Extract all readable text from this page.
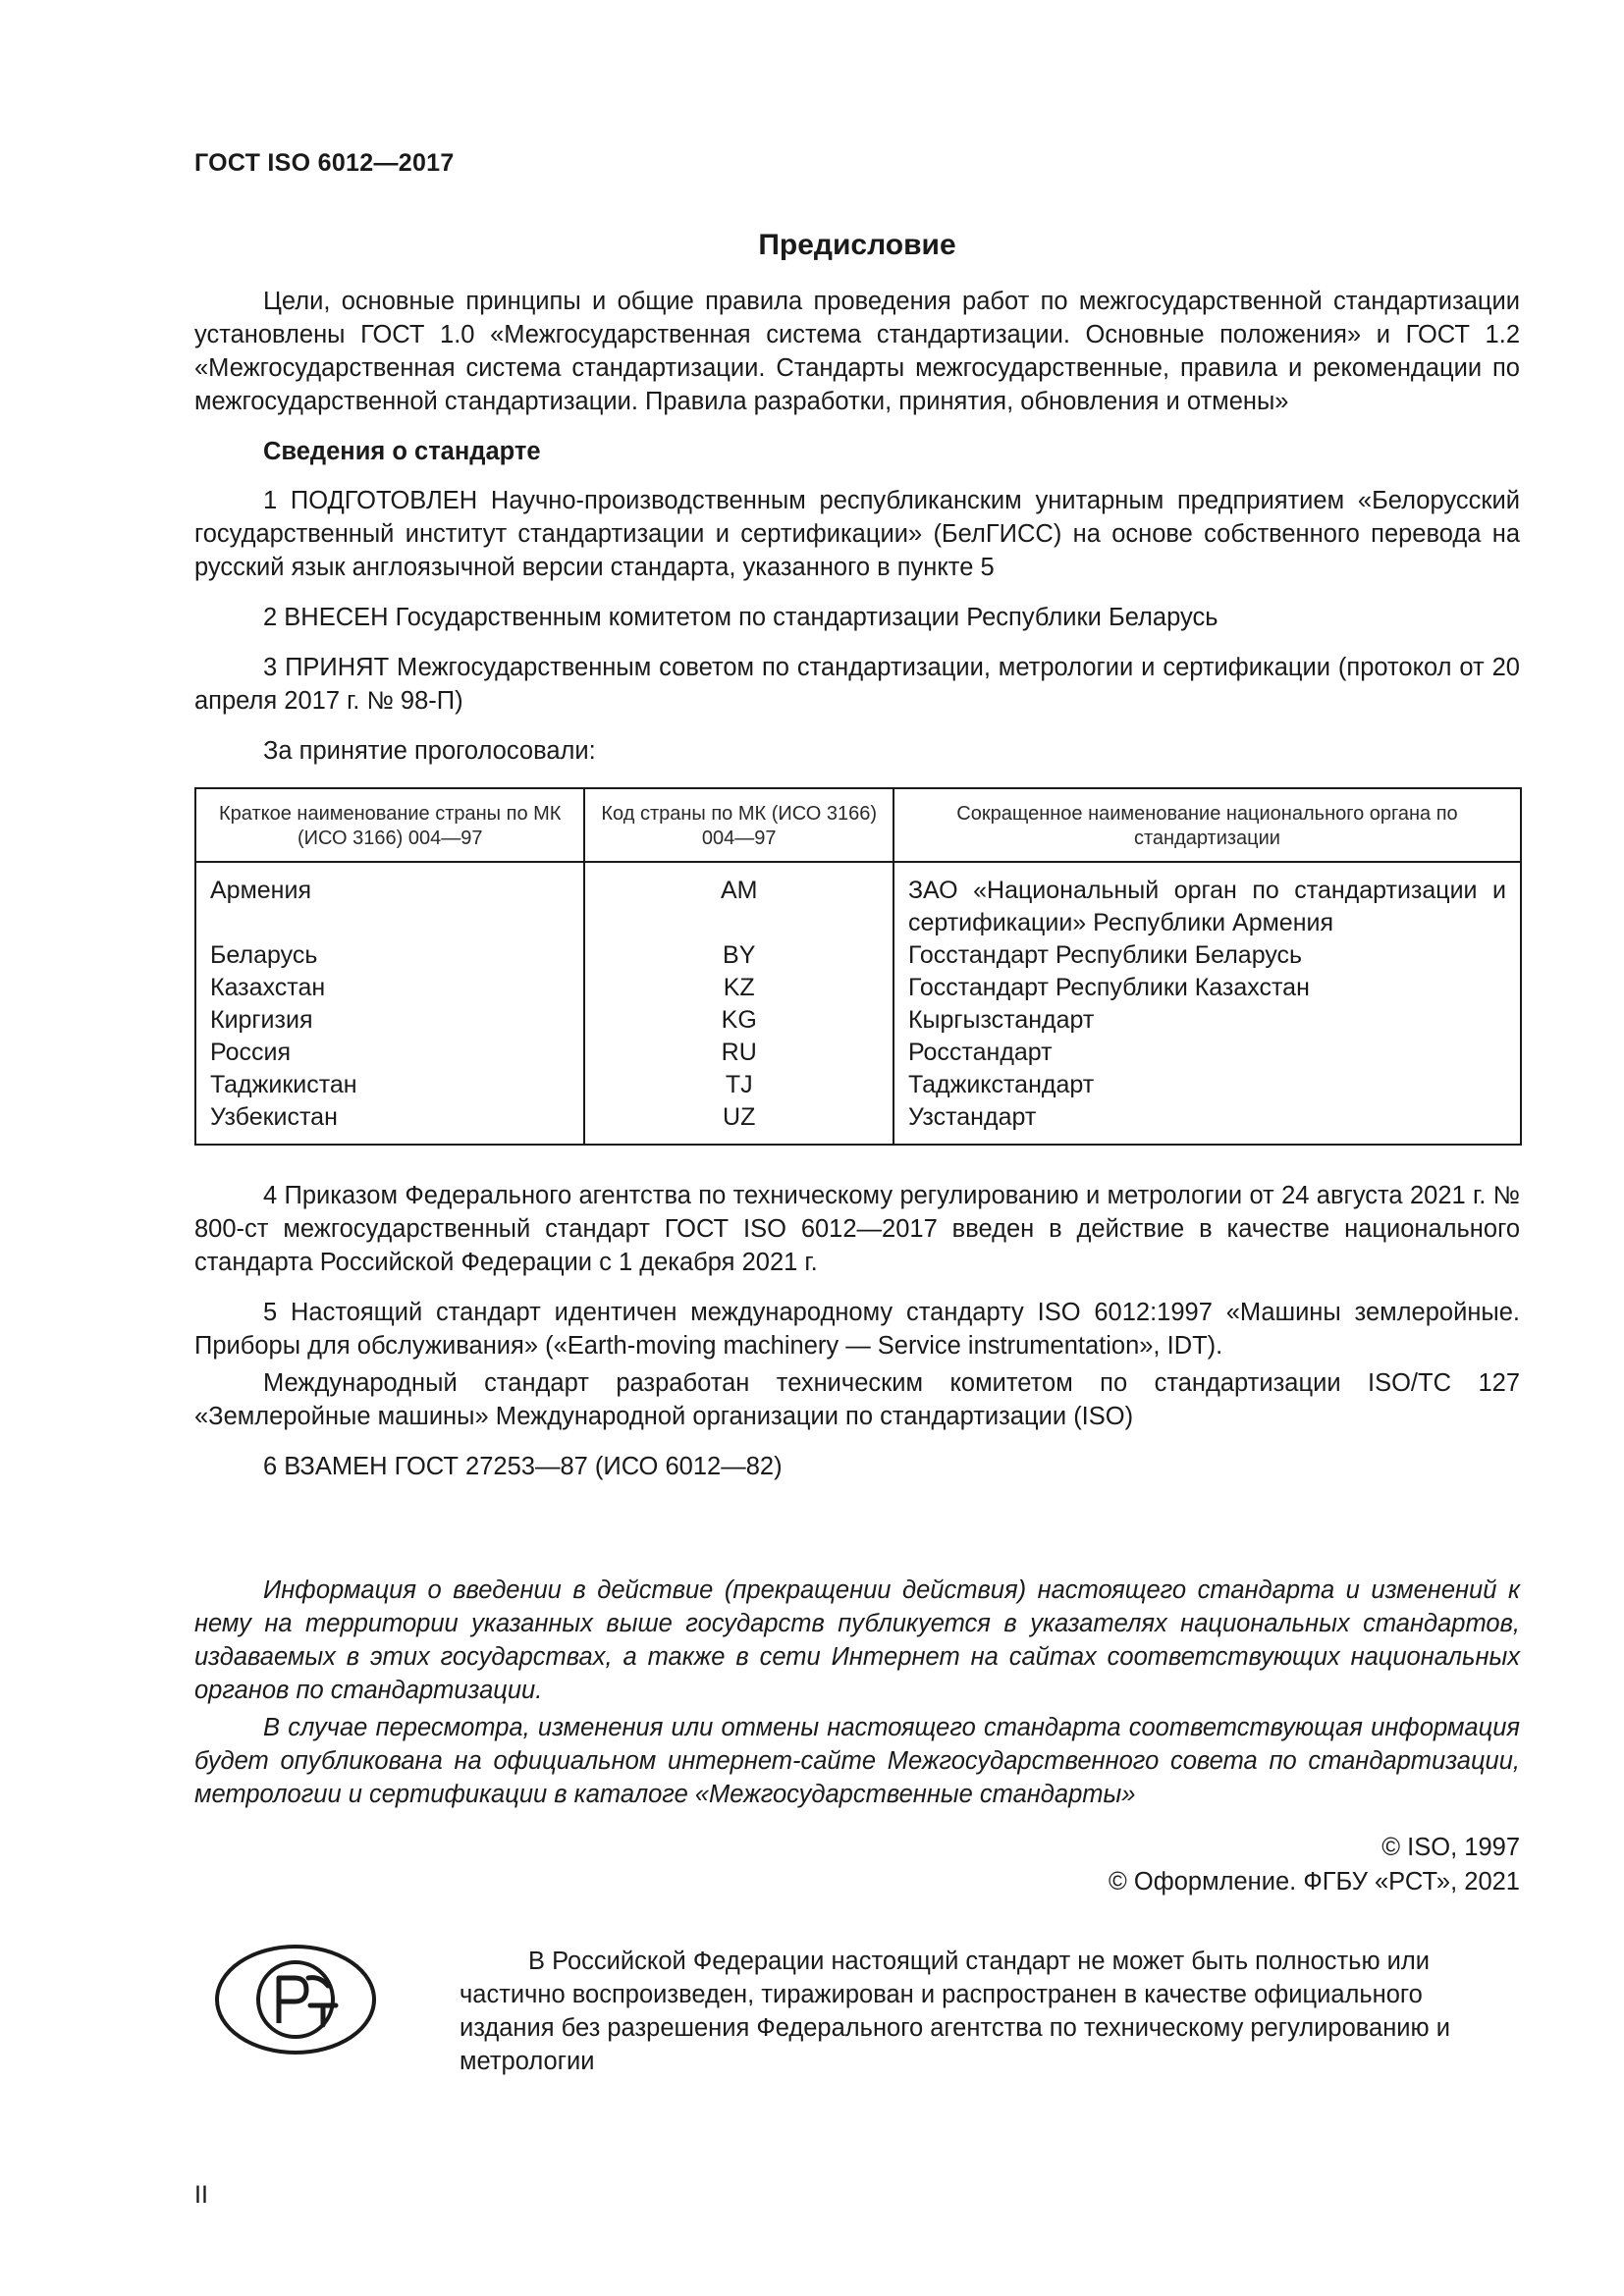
ГОСТ ISO 6012—2017
Предисловие

Цели, основные принципы и общие правила проведения работ по межгосударственной стандартизации установлены ГОСТ 1.0 «Межгосударственная система стандартизации. Основные положения» и ГОСТ 1.2 «Межгосударственная система стандартизации. Стандарты межгосударственные, правила и рекомендации по межгосударственной стандартизации. Правила разработки, принятия, обновления и отмены»

Сведения о стандарте

1 ПОДГОТОВЛЕН Научно-производственным республиканским унитарным предприятием «Белорусский государственный институт стандартизации и сертификации» (БелГИСС) на основе собственного перевода на русский язык англоязычной версии стандарта, указанного в пункте 5

2 ВНЕСЕН Государственным комитетом по стандартизации Республики Беларусь

3 ПРИНЯТ Межгосударственным советом по стандартизации, метрологии и сертификации (протокол от 20 апреля 2017 г. № 98-П)

За принятие проголосовали:

Краткое наименование страны по МК (ИСО 3166) 004—97	Код страны по МК (ИСО 3166) 004—97	Сокращенное наименование национального органа по стандартизации
Армения	AM	ЗАО «Национальный орган по стандартизации и сертификации» Республики Армения
Беларусь	BY	Госстандарт Республики Беларусь
Казахстан	KZ	Госстандарт Республики Казахстан
Киргизия	KG	Кыргызстандарт
Россия	RU	Росстандарт
Таджикистан	TJ	Таджикстандарт
Узбекистан	UZ	Узстандарт

4 Приказом Федерального агентства по техническому регулированию и метрологии от 24 августа 2021 г. № 800-ст межгосударственный стандарт ГОСТ ISO 6012—2017 введен в действие в качестве национального стандарта Российской Федерации с 1 декабря 2021 г.

5 Настоящий стандарт идентичен международному стандарту ISO 6012:1997 «Машины землеройные. Приборы для обслуживания» («Earth-moving machinery — Service instrumentation», IDT).

Международный стандарт разработан техническим комитетом по стандартизации ISO/TC 127 «Землеройные машины» Международной организации по стандартизации (ISO)

6 ВЗАМЕН ГОСТ 27253—87 (ИСО 6012—82)

Информация о введении в действие (прекращении действия) настоящего стандарта и изменений к нему на территории указанных выше государств публикуется в указателях национальных стандартов, издаваемых в этих государствах, а также в сети Интернет на сайтах соответствующих национальных органов по стандартизации.

В случае пересмотра, изменения или отмены настоящего стандарта соответствующая информация будет опубликована на официальном интернет-сайте Межгосударственного совета по стандартизации, метрологии и сертификации в каталоге «Межгосударственные стандарты»

© ISO, 1997
© Оформление. ФГБУ «РСТ», 2021

В Российской Федерации настоящий стандарт не может быть полностью или частично воспроизведен, тиражирован и распространен в качестве официального издания без разрешения Федерального агентства по техническому регулированию и метрологии

II
